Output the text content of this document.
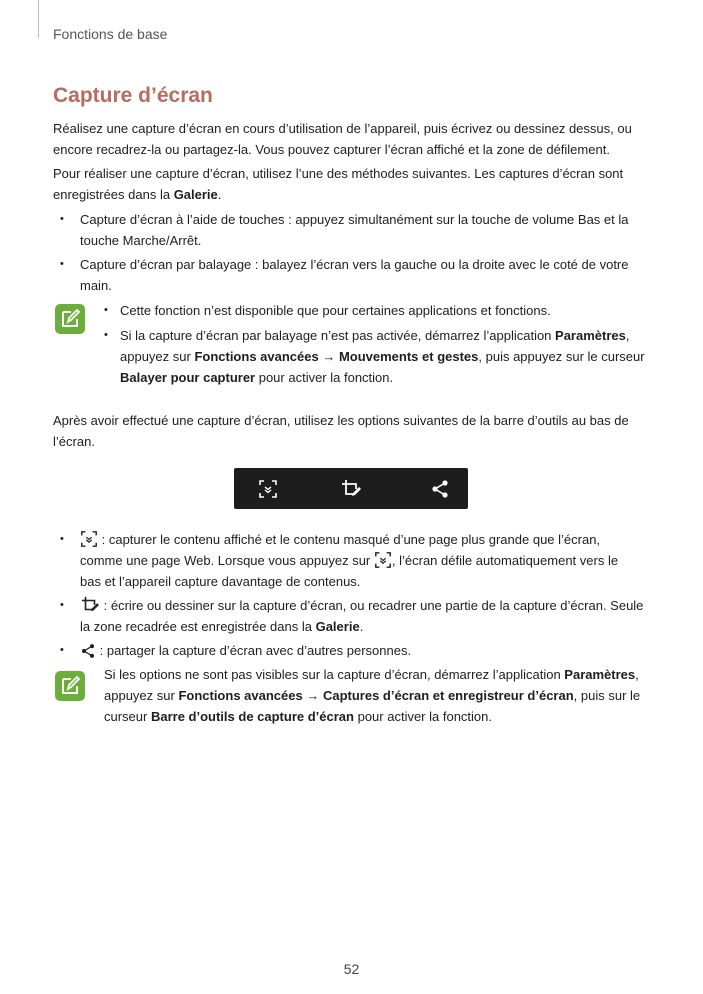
Fonctions de base
Capture d’écran
Réalisez une capture d’écran en cours d’utilisation de l’appareil, puis écrivez ou dessinez dessus, ou
encore recadrez-la ou partagez-la. Vous pouvez capturer l’écran affiché et la zone de défilement.
Pour réaliser une capture d’écran, utilisez l’une des méthodes suivantes. Les captures d’écran sont
enregistrées dans la Galerie.
• Capture d’écran à l’aide de touches : appuyez simultanément sur la touche de volume Bas et la
touche Marche/Arrêt.
• Capture d’écran par balayage : balayez l’écran vers la gauche ou la droite avec le coté de votre
main.
• Cette fonction n’est disponible que pour certaines applications et fonctions.
• Si la capture d’écran par balayage n’est pas activée, démarrez l’application Paramètres,
appuyez sur Fonctions avancées → Mouvements et gestes, puis appuyez sur le curseur
Balayer pour capturer pour activer la fonction.
Après avoir effectué une capture d’écran, utilisez les options suivantes de la barre d’outils au bas de
l’écran.
•	: capturer le contenu affiché et le contenu masqué d’une page plus grande que l’écran,
comme une page Web. Lorsque vous appuyez sur , l’écran défile automatiquement vers le
bas et l’appareil capture davantage de contenus.
•	: écrire ou dessiner sur la capture d’écran, ou recadrer une partie de la capture d’écran. Seule
la zone recadrée est enregistrée dans la Galerie.
•	: partager la capture d’écran avec d’autres personnes.
Si les options ne sont pas visibles sur la capture d’écran, démarrez l’application Paramètres,
appuyez sur Fonctions avancées → Captures d’écran et enregistreur d’écran, puis sur le
curseur Barre d’outils de capture d’écran pour activer la fonction.
52
